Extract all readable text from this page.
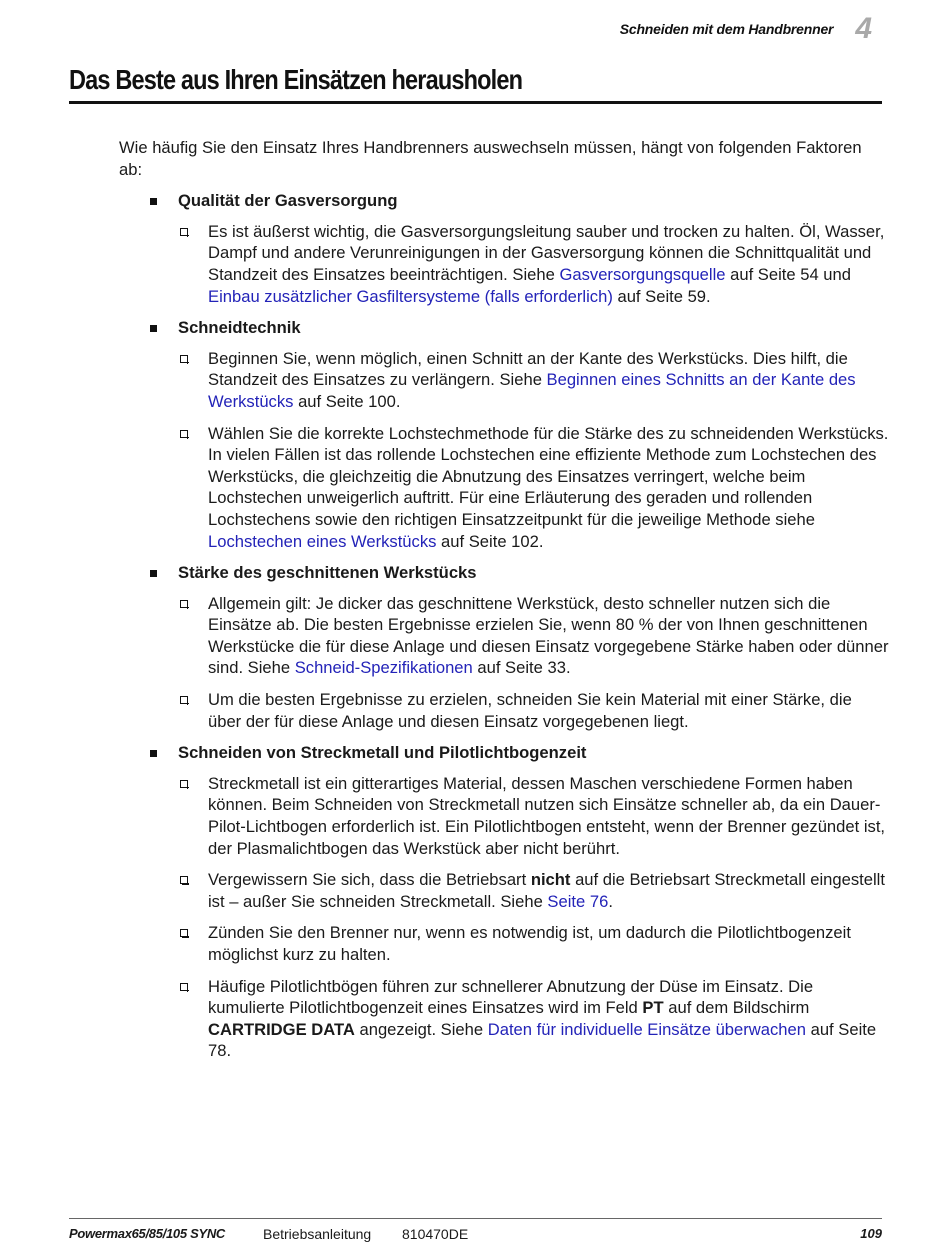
Schneiden mit dem Handbrenner 4
Das Beste aus Ihren Einsätzen herausholen

Wie häufig Sie den Einsatz Ihres Handbrenners auswechseln müssen, hängt von folgenden Faktoren ab:

Qualität der Gasversorgung
Es ist äußerst wichtig, die Gasversorgungsleitung sauber und trocken zu halten. Öl, Wasser, Dampf und andere Verunreinigungen in der Gasversorgung können die Schnittqualität und Standzeit des Einsatzes beeinträchtigen. Siehe Gasversorgungsquelle auf Seite 54 und Einbau zusätzlicher Gasfiltersysteme (falls erforderlich) auf Seite 59.
Schneidtechnik
Beginnen Sie, wenn möglich, einen Schnitt an der Kante des Werkstücks. Dies hilft, die Standzeit des Einsatzes zu verlängern. Siehe Beginnen eines Schnitts an der Kante des Werkstücks auf Seite 100.
Wählen Sie die korrekte Lochstechmethode für die Stärke des zu schneidenden Werkstücks. In vielen Fällen ist das rollende Lochstechen eine effiziente Methode zum Lochstechen des Werkstücks, die gleichzeitig die Abnutzung des Einsatzes verringert, welche beim Lochstechen unweigerlich auftritt. Für eine Erläuterung des geraden und rollenden Lochstechens sowie den richtigen Einsatzzeitpunkt für die jeweilige Methode siehe Lochstechen eines Werkstücks auf Seite 102.
Stärke des geschnittenen Werkstücks
Allgemein gilt: Je dicker das geschnittene Werkstück, desto schneller nutzen sich die Einsätze ab. Die besten Ergebnisse erzielen Sie, wenn 80 % der von Ihnen geschnittenen Werkstücke die für diese Anlage und diesen Einsatz vorgegebene Stärke haben oder dünner sind. Siehe Schneid-Spezifikationen auf Seite 33.
Um die besten Ergebnisse zu erzielen, schneiden Sie kein Material mit einer Stärke, die über der für diese Anlage und diesen Einsatz vorgegebenen liegt.
Schneiden von Streckmetall und Pilotlichtbogenzeit
Streckmetall ist ein gitterartiges Material, dessen Maschen verschiedene Formen haben können. Beim Schneiden von Streckmetall nutzen sich Einsätze schneller ab, da ein Dauer-Pilot-Lichtbogen erforderlich ist. Ein Pilotlichtbogen entsteht, wenn der Brenner gezündet ist, der Plasmalichtbogen das Werkstück aber nicht berührt.
Vergewissern Sie sich, dass die Betriebsart nicht auf die Betriebsart Streckmetall eingestellt ist – außer Sie schneiden Streckmetall. Siehe Seite 76.
Zünden Sie den Brenner nur, wenn es notwendig ist, um dadurch die Pilotlichtbogenzeit möglichst kurz zu halten.
Häufige Pilotlichtbögen führen zur schnellerer Abnutzung der Düse im Einsatz. Die kumulierte Pilotlichtbogenzeit eines Einsatzes wird im Feld PT auf dem Bildschirm CARTRIDGE DATA angezeigt. Siehe Daten für individuelle Einsätze überwachen auf Seite 78.
Powermax65/85/105 SYNC	Betriebsanleitung 810470DE	109
